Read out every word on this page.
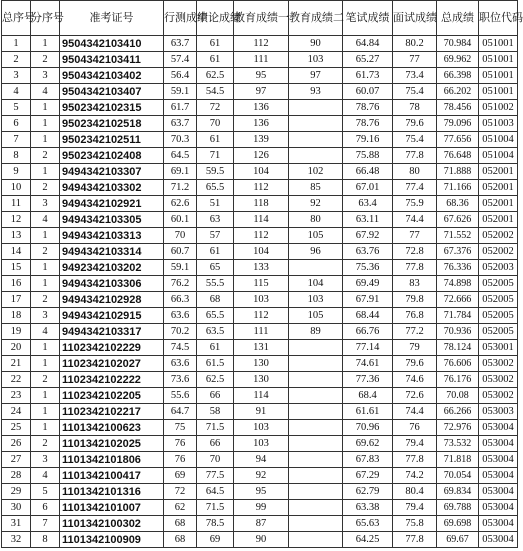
总序号	分序号	准考证号	行测成绩	申论成绩	教育成绩一	教育成绩二	笔试成绩	面试成绩	总成绩	职位代码
1	1	9504342103410	63.7	61	112	90	64.84	80.2	70.984	051001
2	2	9504342103411	57.4	61	111	103	65.27	77	69.962	051001
3	3	9504342103402	56.4	62.5	95	97	61.73	73.4	66.398	051001
4	4	9504342103407	59.1	54.5	97	93	60.07	75.4	66.202	051001
5	1	9502342102315	61.7	72	136		78.76	78	78.456	051002
6	1	9502342102518	63.7	70	136		78.76	79.6	79.096	051003
7	1	9502342102511	70.3	61	139		79.16	75.4	77.656	051004
8	2	9502342102408	64.5	71	126		75.88	77.8	76.648	051004
9	1	9494342103307	69.1	59.5	104	102	66.48	80	71.888	052001
10	2	9494342103302	71.2	65.5	112	85	67.01	77.4	71.166	052001
11	3	9494342102921	62.6	51	118	92	63.4	75.9	68.36	052001
12	4	9494342103305	60.1	63	114	80	63.11	74.4	67.626	052001
13	1	9494342103313	70	57	112	105	67.92	77	71.552	052002
14	2	9494342103314	60.7	61	104	96	63.76	72.8	67.376	052002
15	1	9492342103202	59.1	65	133		75.36	77.8	76.336	052003
16	1	9494342103306	76.2	55.5	115	104	69.49	83	74.898	052005
17	2	9494342102928	66.3	68	103	103	67.91	79.8	72.666	052005
18	3	9494342102915	63.6	65.5	112	105	68.44	76.8	71.784	052005
19	4	9494342103317	70.2	63.5	111	89	66.76	77.2	70.936	052005
20	1	1102342102229	74.5	61	131		77.14	79	78.124	053001
21	1	1102342102027	63.6	61.5	130		74.61	79.6	76.606	053002
22	2	1102342102222	73.6	62.5	130		77.36	74.6	76.176	053002
23	1	1102342102205	55.6	66	114		68.4	72.6	70.08	053002
24	1	1102342102217	64.7	58	91		61.61	74.4	66.266	053003
25	1	1101342100623	75	71.5	103		70.96	76	72.976	053004
26	2	1101342102025	76	66	103		69.62	79.4	73.532	053004
27	3	1101342101806	76	70	94		67.83	77.8	71.818	053004
28	4	1101342100417	69	77.5	92		67.29	74.2	70.054	053004
29	5	1101342101316	72	64.5	95		62.79	80.4	69.834	053004
30	6	1101342101007	62	71.5	99		63.38	79.4	69.788	053004
31	7	1101342100302	68	78.5	87		65.63	75.8	69.698	053004
32	8	1101342100909	68	69	90		64.25	77.8	69.67	053004
